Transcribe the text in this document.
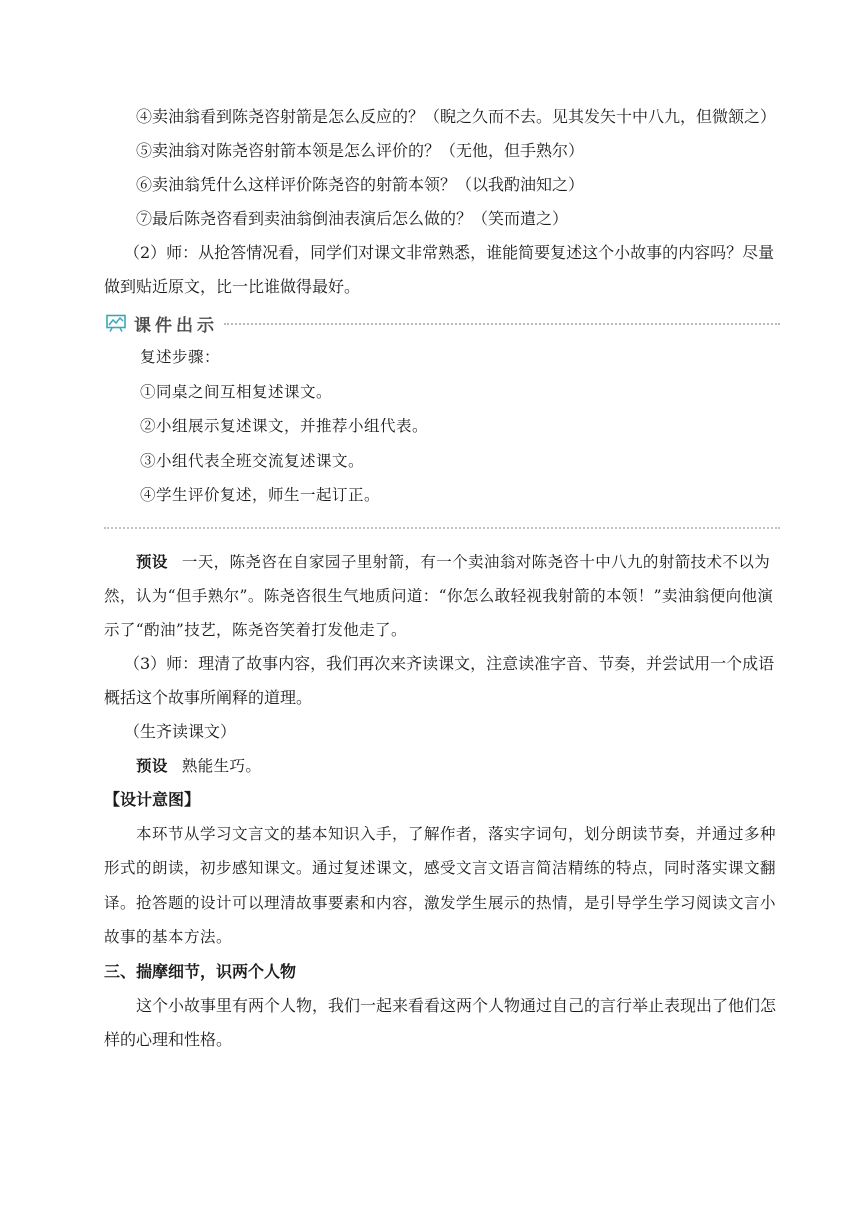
④卖油翁看到陈尧咨射箭是怎么反应的？（睨之久而不去。见其发矢十中八九，但微颔之）

⑤卖油翁对陈尧咨射箭本领是怎么评价的？（无他，但手熟尔）

⑥卖油翁凭什么这样评价陈尧咨的射箭本领？（以我酌油知之）

⑦最后陈尧咨看到卖油翁倒油表演后怎么做的？（笑而遣之）

（2）师：从抢答情况看，同学们对课文非常熟悉，谁能简要复述这个小故事的内容吗？尽量做到贴近原文，比一比谁做得最好。

课件出示

复述步骤：

①同桌之间互相复述课文。

②小组展示复述课文，并推荐小组代表。

③小组代表全班交流复述课文。

④学生评价复述，师生一起订正。

预设 一天，陈尧咨在自家园子里射箭，有一个卖油翁对陈尧咨十中八九的射箭技术不以为然，认为“但手熟尔”。陈尧咨很生气地质问道：“你怎么敢轻视我射箭的本领！”卖油翁便向他演示了“酌油”技艺，陈尧咨笑着打发他走了。

（3）师：理清了故事内容，我们再次来齐读课文，注意读准字音、节奏，并尝试用一个成语概括这个故事所阐释的道理。

（生齐读课文）

预设 熟能生巧。

【设计意图】

本环节从学习文言文的基本知识入手，了解作者，落实字词句，划分朗读节奏，并通过多种形式的朗读，初步感知课文。通过复述课文，感受文言文语言简洁精练的特点，同时落实课文翻译。抢答题的设计可以理清故事要素和内容，激发学生展示的热情，是引导学生学习阅读文言小故事的基本方法。

三、揣摩细节，识两个人物

这个小故事里有两个人物，我们一起来看看这两个人物通过自己的言行举止表现出了他们怎样的心理和性格。
